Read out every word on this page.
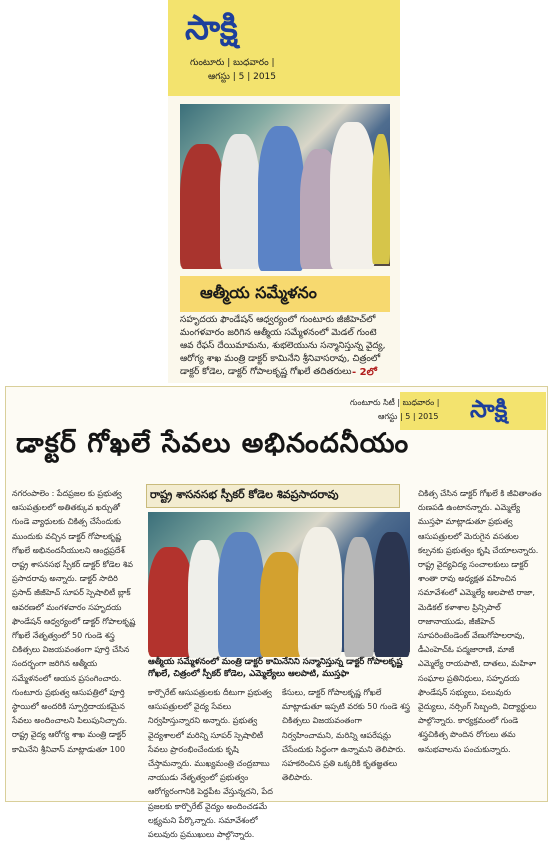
సాక్షి
గుంటూరు | బుధవారం |
ఆగస్టు | 5 | 2015
ఆత్మీయ సమ్మేళనం
సహృదయ ఫౌండేషన్ ఆధ్వర్యంలో గుంటూరు జీజీహెచ్‌లో మంగళవారం జరిగిన ఆత్మీయ సమ్మేళనంలో మెడల్ గుంటె ఆవ రేఫస్ దేయిమామను, శుభలెయును సన్మానిస్తున్న వైద్య, ఆరోగ్య శాఖ మంత్రి డాక్టర్ కామినేని శ్రీనివాసరావు, చిత్రంలో డాక్టర్ కోడెల, డాక్టర్ గోపాలకృష్ణ గోఖలే తదితరులు - 2లో
గుంటూరు సిటీ | బుధవారం |
ఆగస్టు | 5 | 2015 సాక్షి
డాక్టర్ గోఖలే సేవలు అభినందనీయం
నగరంపాలెం : పేదప్రజల కు ప్రభుత్వ ఆసుపత్రులలో అతితక్కువ ఖర్చుతో గుండె వ్యాధులకు చికిత్స చేసేందుకు ముందుకు వచ్చిన డాక్టర్ గోపాలకృష్ణ గోఖలే అభినందనీయులని ఆంధ్రప్రదేశ్ రాష్ట్ర శాసనసభ స్పీకర్ డాక్టర్ కోడెల శివ ప్రసాదరావు అన్నారు. డాక్టర్ సాదిరి ప్రసాద్ జీజీహెచ్ సూపర్ స్పెషాలిటీ బ్లాక్ ఆవరణలో మంగళవారం సహృదయ ఫౌండేషన్ ఆధ్వర్యంలో డాక్టర్ గోపాలకృష్ణ గోఖలే నేతృత్వంలో 50 గుండె శస్త్ర చికిత్సలు విజయవంతంగా పూర్తి చేసిన సందర్భంగా జరిగిన ఆత్మీయ సమ్మేళనంలో ఆయన ప్రసంగించారు. గుంటూరు ప్రభుత్వ ఆసుపత్రిలో పూర్తి స్థాయిలో అందరికి స్ఫూర్తిదాయకమైన సేవలు అందించాలని పిలుపునిచ్చారు. రాష్ట్ర వైద్య ఆరోగ్య శాఖ మంత్రి డాక్టర్ కామినేని శ్రీనివాస్ మాట్లాడుతూ 100
రాష్ట్ర శాసనసభ స్పీకర్ కోడెల శివప్రసాదరావు
ఆత్మీయ సమ్మేళనంలో మంత్రి డాక్టర్ కామినేనిని సన్మానిస్తున్న డాక్టర్ గోపాలకృష్ణ గోఖలే, చిత్రంలో స్పీకర్ కోడెల, ఎమ్మెల్యేలు ఆలపాటి, ముస్తఫా
కార్పొరేట్ ఆసుపత్రులకు దీటుగా ప్రభుత్వ ఆసుపత్రులలో వైద్య సేవలు నిర్వహిస్తున్నారని అన్నారు. ప్రభుత్వ వైద్యశాలలో మరిన్ని సూపర్ స్పెషాలిటీ సేవలు ప్రారంభించేందుకు కృషి చేస్తామన్నారు. ముఖ్యమంత్రి చంద్రబాబు నాయుడు నేతృత్వంలో ప్రభుత్వం ఆరోగ్యరంగానికి పెద్దపీట వేస్తున్నదని, పేద ప్రజలకు కార్పొరేట్ వైద్యం అందించడమే లక్ష్యమని పేర్కొన్నారు. సమావేశంలో పలువురు ప్రముఖులు పాల్గొన్నారు.
కేసులు, డాక్టర్ గోపాలకృష్ణ గోఖలే మాట్లాడుతూ ఇప్పటి వరకు 50 గుండె శస్త్ర చికిత్సలు విజయవంతంగా నిర్వహించామని, మరిన్ని ఆపరేషన్లు చేసేందుకు సిద్ధంగా ఉన్నామని తెలిపారు. సహకరించిన ప్రతి ఒక్కరికి కృతజ్ఞతలు తెలిపారు.
చికిత్స చేసిన డాక్టర్ గోఖలే కి జీవితాంతం రుణపడి ఉంటానన్నారు. ఎమ్మెల్యే ముస్తఫా మాట్లాడుతూ ప్రభుత్వ ఆసుపత్రులలో మెరుగైన వసతుల కల్పనకు ప్రభుత్వం కృషి చేయాలన్నారు. రాష్ట్ర వైద్యవిద్య సంచాలకులు డాక్టర్ శాంతా రావు అధ్యక్షత వహించిన సమావేశంలో ఎమ్మెల్యే ఆలపాటి రాజా, మెడికల్ కళాశాల ప్రిన్సిపాల్ రాజానాయుడు, జీజీహెచ్ సూపరింటెండెంట్ వేణుగోపాలరావు, డీఎంహెచ్‌ఓ పద్మజారాణి, మాజీ ఎమ్మెల్యే రాయపాటి, దాతలు, మహిళా సంఘాల ప్రతినిధులు, సహృదయ ఫౌండేషన్ సభ్యులు, పలువురు వైద్యులు, నర్సింగ్ సిబ్బంది, విద్యార్థులు పాల్గొన్నారు. కార్యక్రమంలో గుండె శస్త్రచికిత్స పొందిన రోగులు తమ అనుభవాలను పంచుకున్నారు.
